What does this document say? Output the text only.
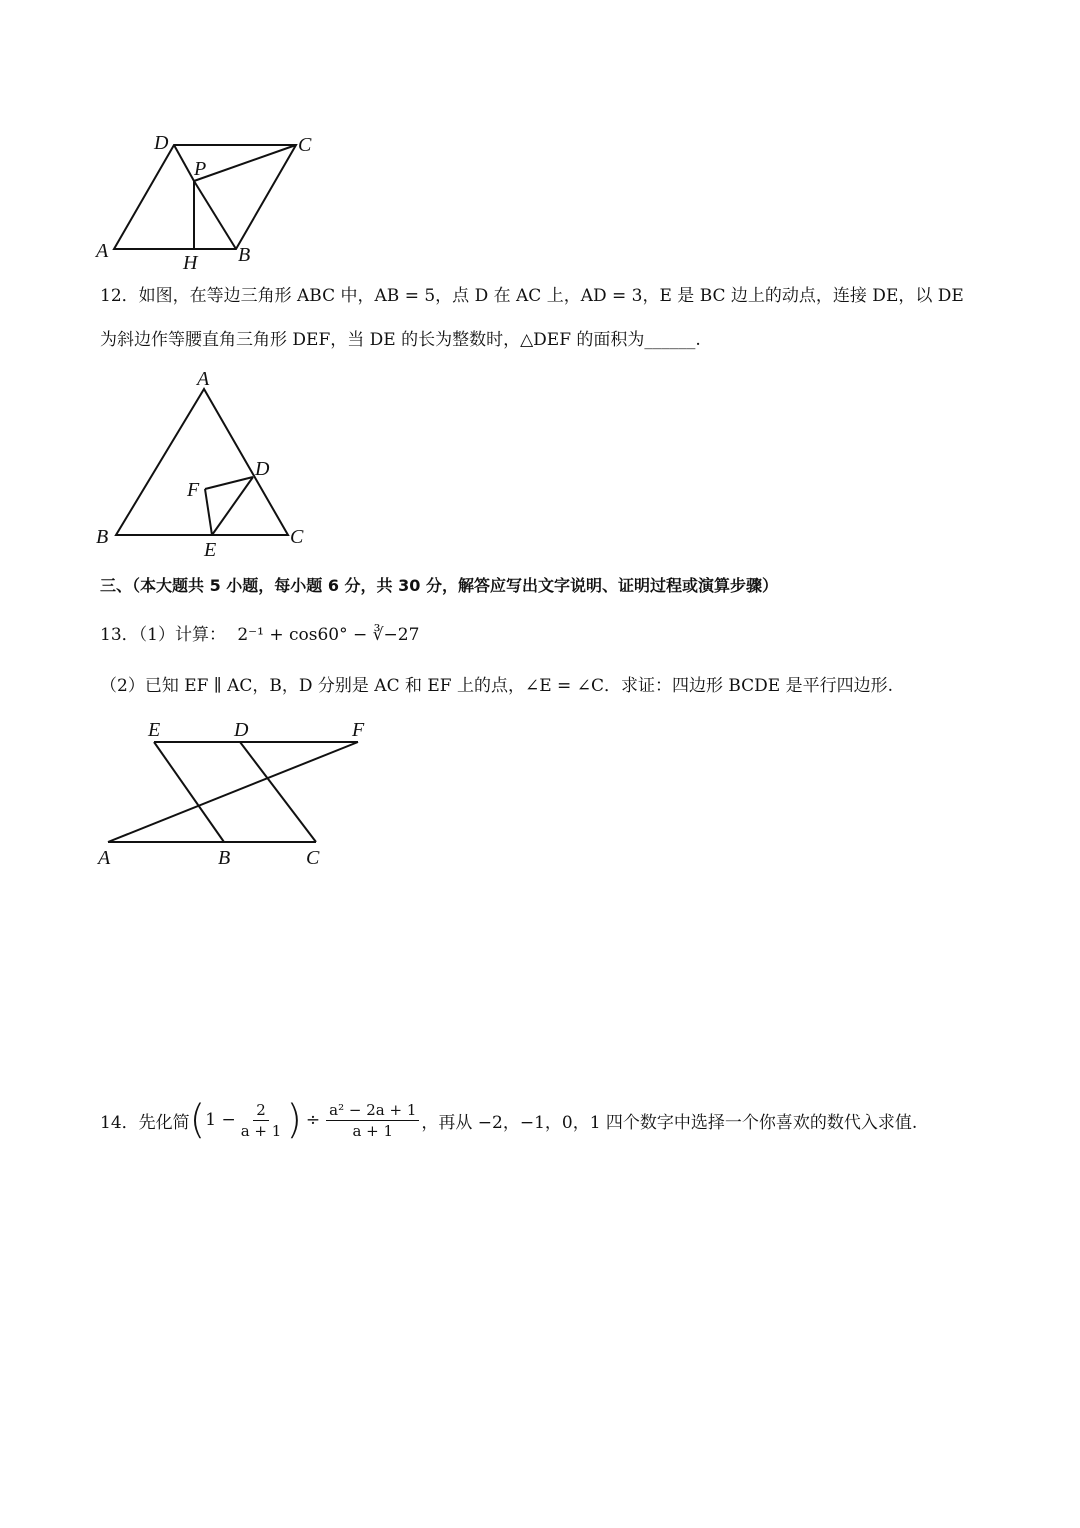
D	C
P
A
H B
12．如图，在等边三角形 ABC 中，AB = 5，点 D 在 AC 上，AD = 3，E 是 BC 边上的动点，连接 DE，以 DE
为斜边作等腰直角三角形 DEF，当 DE 的长为整数时，△DEF 的面积为______.
A
D
F
B
E
C
三、（本大题共 5 小题，每小题 6 分，共 30 分，解答应写出文字说明、证明过程或演算步骤）
13．（1）计算： 2⁻¹ + cos60° − ∛−27
（2）已知 EF ∥ AC，B，D 分别是 AC 和 EF 上的点，∠E = ∠C．求证：四边形 BCDE 是平行四边形.
E	D	F
A	B	C
14．先化简 ( $1 - \frac{2}{a + 1}$ ) ÷ $\frac{\text{a² − 2a + 1}}{a + 1}$ ，再从 −2，−1，0，1 四个数字中选择一个你喜欢的数代入求值.
